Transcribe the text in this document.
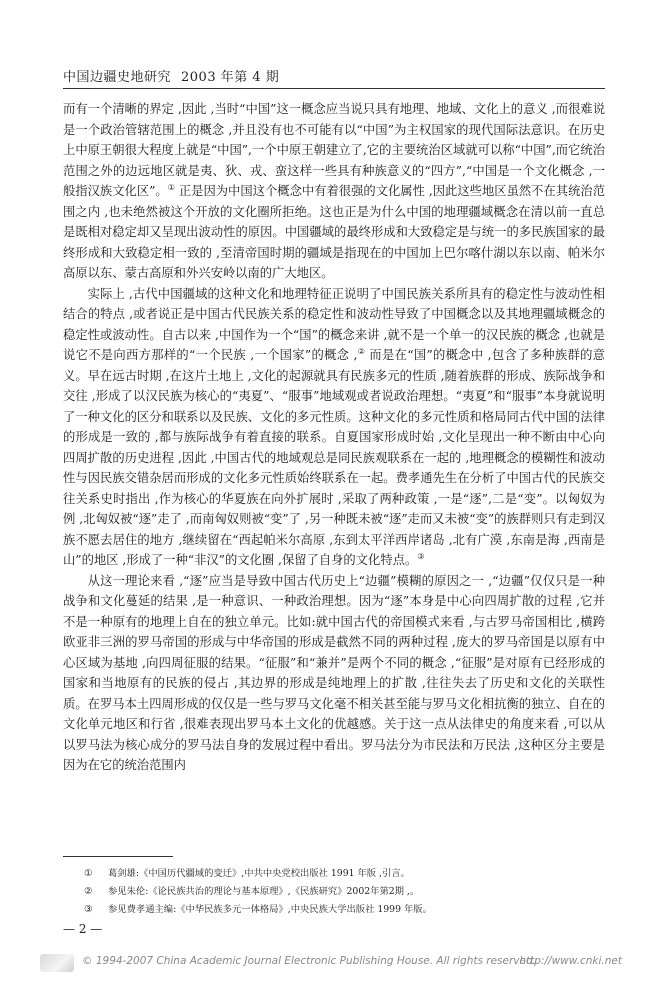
中国边疆史地研究 2003 年第 4 期

而有一个清晰的界定 ,因此 ,当时“中国”这一概念应当说只具有地理、地域、文化上的意义 ,而很难说是一个政治管辖范围上的概念 ,并且没有也不可能有以“中国”为主权国家的现代国际法意识。在历史上中原王朝很大程度上就是“中国”,一个中原王朝建立了,它的主要统治区域就可以称“中国”,而它统治范围之外的边远地区就是夷、狄、戎、蛮这样一些具有种族意义的“四方”,“中国是一个文化概念 ,一般指汉族文化区”。① 正是因为中国这个概念中有着很强的文化属性 ,因此这些地区虽然不在其统治范围之内 ,也未绝然被这个开放的文化圈所拒绝。这也正是为什么中国的地理疆域概念在清以前一直总是既相对稳定却又呈现出波动性的原因。中国疆域的最终形成和大致稳定是与统一的多民族国家的最终形成和大致稳定相一致的 ,至清帝国时期的疆域是指现在的中国加上巴尔喀什湖以东以南、帕米尔高原以东、蒙古高原和外兴安岭以南的广大地区。

实际上 ,古代中国疆域的这种文化和地理特征正说明了中国民族关系所具有的稳定性与波动性相结合的特点 ,或者说正是中国古代民族关系的稳定性和波动性导致了中国概念以及其地理疆域概念的稳定性或波动性。自古以来 ,中国作为一个“国”的概念来讲 ,就不是一个单一的汉民族的概念 ,也就是说它不是向西方那样的“一个民族 ,一个国家”的概念 ,② 而是在“国”的概念中 ,包含了多种族群的意义。早在远古时期 ,在这片土地上 ,文化的起源就具有民族多元的性质 ,随着族群的形成、族际战争和交往 ,形成了以汉民族为核心的“夷夏”、“服事”地域观或者说政治理想。“夷夏”和“服事”本身就说明了一种文化的区分和联系以及民族、文化的多元性质。这种文化的多元性质和格局同古代中国的法律的形成是一致的 ,都与族际战争有着直接的联系。自夏国家形成时始 ,文化呈现出一种不断由中心向四周扩散的历史进程 ,因此 ,中国古代的地域观总是同民族观联系在一起的 ,地理概念的模糊性和波动性与因民族交错杂居而形成的文化多元性质始终联系在一起。费孝通先生在分析了中国古代的民族交往关系史时指出 ,作为核心的华夏族在向外扩展时 ,采取了两种政策 ,一是“逐”,二是“变”。以匈奴为例 ,北匈奴被“逐”走了 ,而南匈奴则被“变”了 ,另一种既未被“逐”走而又未被“变”的族群则只有走到汉族不愿去居住的地方 ,继续留在“西起帕米尔高原 ,东到太平洋西岸诸岛 ,北有广漠 ,东南是海 ,西南是山”的地区 ,形成了一种“非汉”的文化圈 ,保留了自身的文化特点。③

从这一理论来看 ,“逐”应当是导致中国古代历史上“边疆”模糊的原因之一 ,“边疆”仅仅只是一种战争和文化蔓延的结果 ,是一种意识、一种政治理想。因为“逐”本身是中心向四周扩散的过程 ,它并不是一种原有的地理上自在的独立单元。比如:就中国古代的帝国模式来看 ,与古罗马帝国相比 ,横跨欧亚非三洲的罗马帝国的形成与中华帝国的形成是截然不同的两种过程 ,庞大的罗马帝国是以原有中心区域为基地 ,向四周征服的结果。“征服”和“兼并”是两个不同的概念 ,“征服”是对原有已经形成的国家和当地原有的民族的侵占 ,其边界的形成是纯地理上的扩散 ,往往失去了历史和文化的关联性质。在罗马本土四周形成的仅仅是一些与罗马文化毫不相关甚至能与罗马文化相抗衡的独立、自在的文化单元地区和行省 ,很难表现出罗马本土文化的优越感。关于这一点从法律史的角度来看 ,可以从以罗马法为核心成分的罗马法自身的发展过程中看出。罗马法分为市民法和万民法 ,这种区分主要是因为在它的统治范围内

①	葛剑雄:《中国历代疆域的变迁》,中共中央党校出版社 1991 年版 ,引言。
②	参见朱伦:《论民族共治的理论与基本原理》,《民族研究》2002年第2期 ,。
③	参见费孝通主编:《中华民族多元一体格局》,中央民族大学出版社 1999 年版。
— 2 —
© 1994-2007 China Academic Journal Electronic Publishing House. All rights reserved.
http://www.cnki.net
